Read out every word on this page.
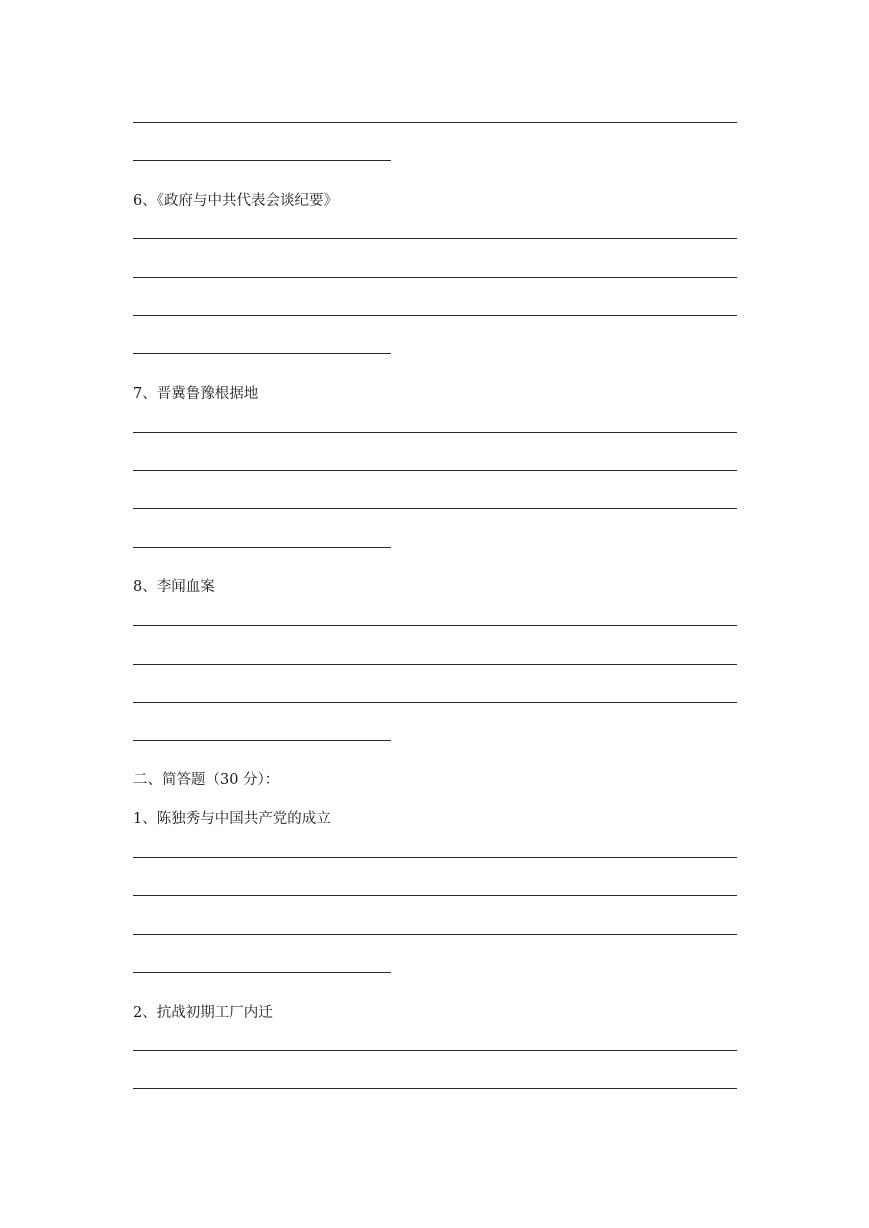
6、《政府与中共代表会谈纪要》
7、晋冀鲁豫根据地
8、李闻血案
二、简答题（30 分）：
1、陈独秀与中国共产党的成立
2、抗战初期工厂内迁
